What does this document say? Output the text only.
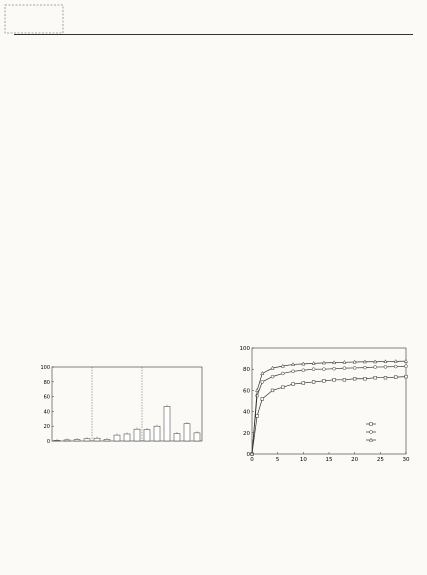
0
20
40
60
80
100
0
20
40
60
80
100
0	5	10	15	20	25	30
